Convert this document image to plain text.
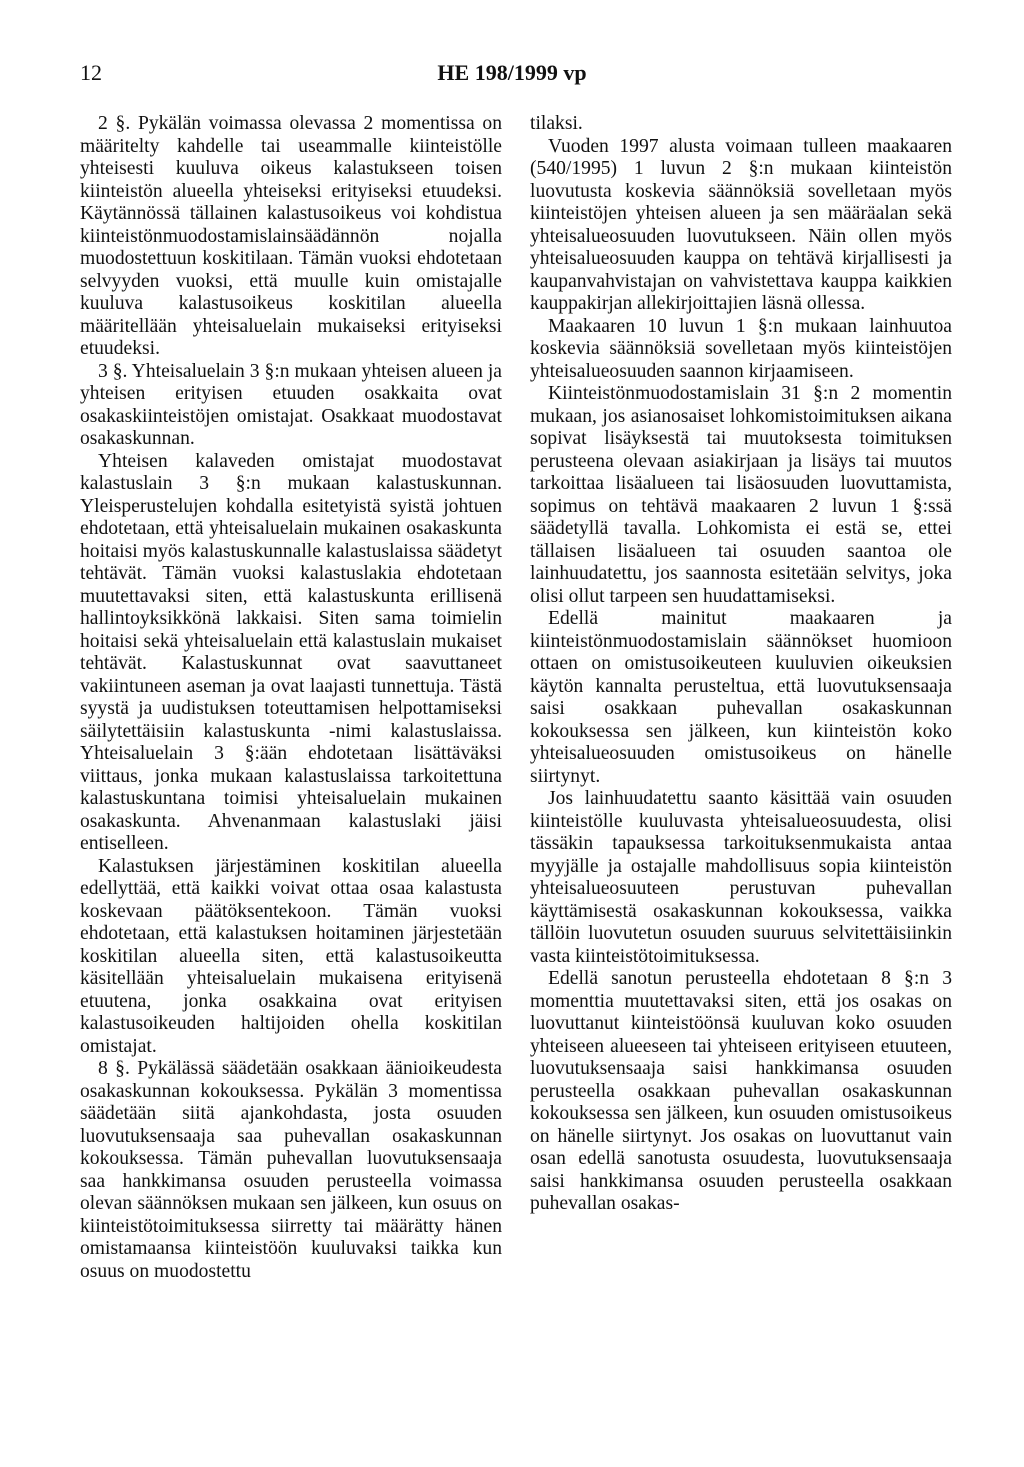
12	HE 198/1999 vp

2 §. Pykälän voimassa olevassa 2 momentissa on määritelty kahdelle tai useammalle kiinteistölle yhteisesti kuuluva oikeus kalastukseen toisen kiinteistön alueella yhteiseksi erityiseksi etuudeksi. Käytännössä tällainen kalastusoikeus voi kohdistua kiinteistönmuodostamislainsäädännön nojalla muodostettuun koskitilaan. Tämän vuoksi ehdotetaan selvyyden vuoksi, että muulle kuin omistajalle kuuluva kalastusoikeus koskitilan alueella määritellään yhteisaluelain mukaiseksi erityiseksi etuudeksi.

3 §. Yhteisaluelain 3 §:n mukaan yhteisen alueen ja yhteisen erityisen etuuden osakkaita ovat osakaskiinteistöjen omistajat. Osakkaat muodostavat osakaskunnan.

Yhteisen kalaveden omistajat muodostavat kalastuslain 3 §:n mukaan kalastuskunnan. Yleisperustelujen kohdalla esitetyistä syistä johtuen ehdotetaan, että yhteisaluelain mukainen osakaskunta hoitaisi myös kalastuskunnalle kalastuslaissa säädetyt tehtävät. Tämän vuoksi kalastuslakia ehdotetaan muutettavaksi siten, että kalastuskunta erillisenä hallintoyksikkönä lakkaisi. Siten sama toimielin hoitaisi sekä yhteisaluelain että kalastuslain mukaiset tehtävät. Kalastuskunnat ovat saavuttaneet vakiintuneen aseman ja ovat laajasti tunnettuja. Tästä syystä ja uudistuksen toteuttamisen helpottamiseksi säilytettäisiin kalastuskunta -nimi kalastuslaissa. Yhteisaluelain 3 §:ään ehdotetaan lisättäväksi viittaus, jonka mukaan kalastuslaissa tarkoitettuna kalastuskuntana toimisi yhteisaluelain mukainen osakaskunta. Ahvenanmaan kalastuslaki jäisi entiselleen.

Kalastuksen järjestäminen koskitilan alueella edellyttää, että kaikki voivat ottaa osaa kalastusta koskevaan päätöksentekoon. Tämän vuoksi ehdotetaan, että kalastuksen hoitaminen järjestetään koskitilan alueella siten, että kalastusoikeutta käsitellään yhteisaluelain mukaisena erityisenä etuutena, jonka osakkaina ovat erityisen kalastusoikeuden haltijoiden ohella koskitilan omistajat.

8 §. Pykälässä säädetään osakkaan äänioikeudesta osakaskunnan kokouksessa. Pykälän 3 momentissa säädetään siitä ajankohdasta, josta osuuden luovutuksensaaja saa puhevallan osakaskunnan kokouksessa. Tämän puhevallan luovutuksensaaja saa hankkimansa osuuden perusteella voimassa olevan säännöksen mukaan sen jälkeen, kun osuus on kiinteistötoimituksessa siirretty tai määrätty hänen omistamaansa kiinteistöön kuuluvaksi taikka kun osuus on muodostettu

tilaksi.

Vuoden 1997 alusta voimaan tulleen maakaaren (540/1995) 1 luvun 2 §:n mukaan kiinteistön luovutusta koskevia säännöksiä sovelletaan myös kiinteistöjen yhteisen alueen ja sen määräalan sekä yhteisalueosuuden luovutukseen. Näin ollen myös yhteisalueosuuden kauppa on tehtävä kirjallisesti ja kaupanvahvistajan on vahvistettava kauppa kaikkien kauppakirjan allekirjoittajien läsnä ollessa.

Maakaaren 10 luvun 1 §:n mukaan lainhuutoa koskevia säännöksiä sovelletaan myös kiinteistöjen yhteisalueosuuden saannon kirjaamiseen.

Kiinteistönmuodostamislain 31 §:n 2 momentin mukaan, jos asianosaiset lohkomistoimituksen aikana sopivat lisäyksestä tai muutoksesta toimituksen perusteena olevaan asiakirjaan ja lisäys tai muutos tarkoittaa lisäalueen tai lisäosuuden luovuttamista, sopimus on tehtävä maakaaren 2 luvun 1 §:ssä säädetyllä tavalla. Lohkomista ei estä se, ettei tällaisen lisäalueen tai osuuden saantoa ole lainhuudatettu, jos saannosta esitetään selvitys, joka olisi ollut tarpeen sen huudattamiseksi.

Edellä mainitut maakaaren ja kiinteistönmuodostamislain säännökset huomioon ottaen on omistusoikeuteen kuuluvien oikeuksien käytön kannalta perusteltua, että luovutuksensaaja saisi osakkaan puhevallan osakaskunnan kokouksessa sen jälkeen, kun kiinteistön koko yhteisalueosuuden omistusoikeus on hänelle siirtynyt.

Jos lainhuudatettu saanto käsittää vain osuuden kiinteistölle kuuluvasta yhteisalueosuudesta, olisi tässäkin tapauksessa tarkoituksenmukaista antaa myyjälle ja ostajalle mahdollisuus sopia kiinteistön yhteisalueosuuteen perustuvan puhevallan käyttämisestä osakaskunnan kokouksessa, vaikka tällöin luovutetun osuuden suuruus selvitettäisiinkin vasta kiinteistötoimituksessa.

Edellä sanotun perusteella ehdotetaan 8 §:n 3 momenttia muutettavaksi siten, että jos osakas on luovuttanut kiinteistöönsä kuuluvan koko osuuden yhteiseen alueeseen tai yhteiseen erityiseen etuuteen, luovutuksensaaja saisi hankkimansa osuuden perusteella osakkaan puhevallan osakaskunnan kokouksessa sen jälkeen, kun osuuden omistusoikeus on hänelle siirtynyt. Jos osakas on luovuttanut vain osan edellä sanotusta osuudesta, luovutuksensaaja saisi hankkimansa osuuden perusteella osakkaan puhevallan osakas-
